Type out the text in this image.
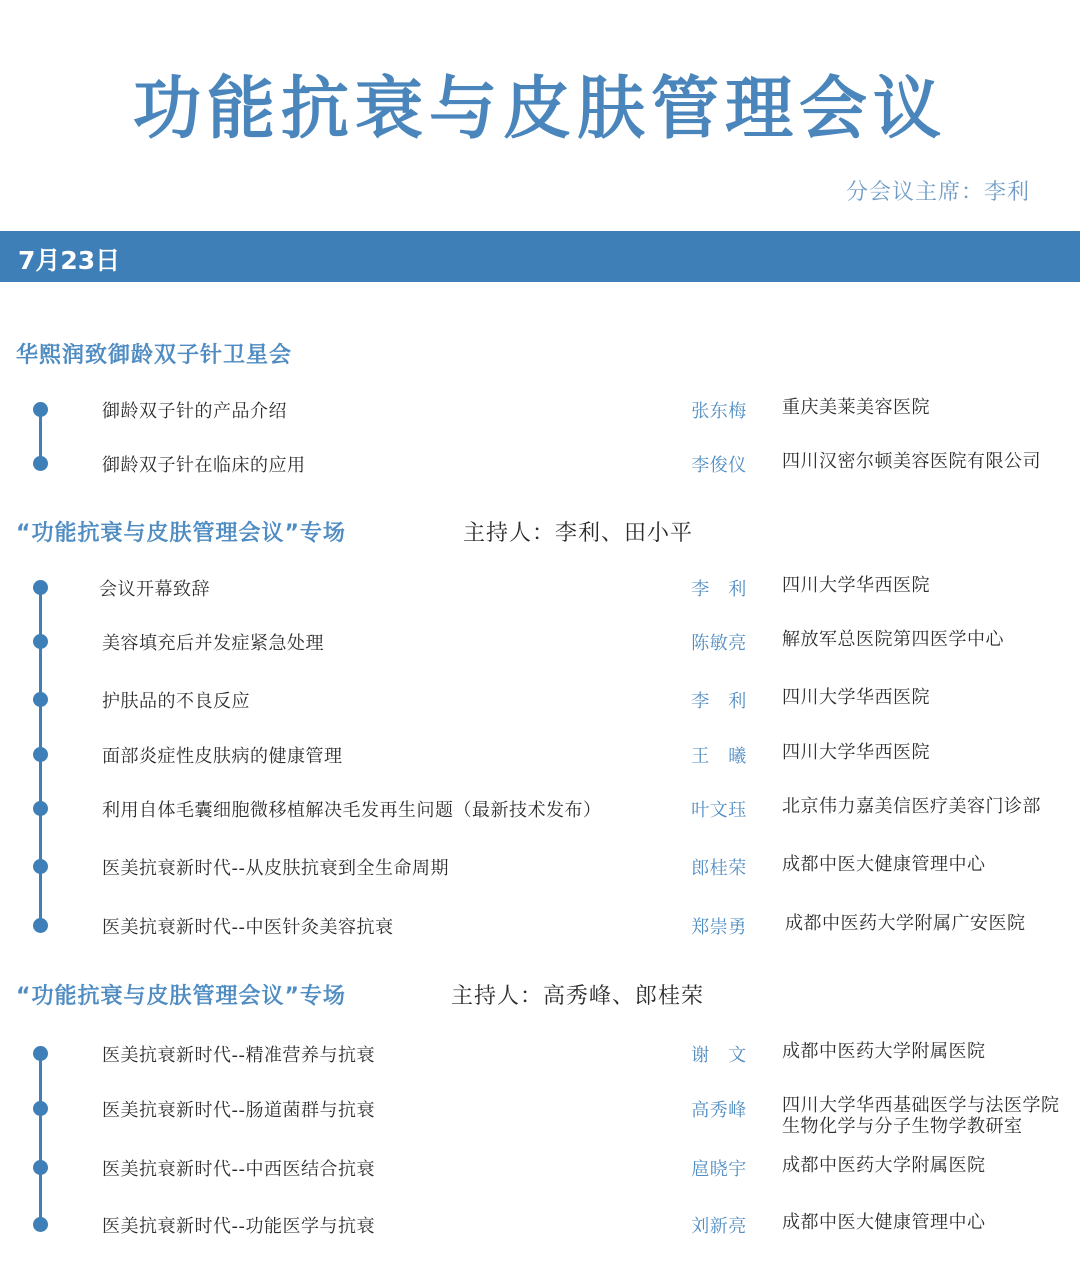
功能抗衰与皮肤管理会议
分会议主席：李利
7月23日
华熙润致御龄双子针卫星会
御龄双子针的产品介绍	张东梅	重庆美莱美容医院
御龄双子针在临床的应用	李俊仪	四川汉密尔顿美容医院有限公司
“功能抗衰与皮肤管理会议”专场	主持人：李利、田小平
会议开幕致辞	李　利	四川大学华西医院
美容填充后并发症紧急处理	陈敏亮	解放军总医院第四医学中心
护肤品的不良反应	李　利	四川大学华西医院
面部炎症性皮肤病的健康管理	王　曦	四川大学华西医院
利用自体毛囊细胞微移植解决毛发再生问题（最新技术发布）	叶文珏	北京伟力嘉美信医疗美容门诊部
医美抗衰新时代--从皮肤抗衰到全生命周期	郎桂荣	成都中医大健康管理中心
医美抗衰新时代--中医针灸美容抗衰	郑崇勇	成都中医药大学附属广安医院
“功能抗衰与皮肤管理会议”专场	主持人：高秀峰、郎桂荣
医美抗衰新时代--精准营养与抗衰	谢　文	成都中医药大学附属医院
医美抗衰新时代--肠道菌群与抗衰	高秀峰	四川大学华西基础医学与法医学院
生物化学与分子生物学教研室
医美抗衰新时代--中西医结合抗衰	扈晓宇	成都中医药大学附属医院
医美抗衰新时代--功能医学与抗衰	刘新亮	成都中医大健康管理中心
